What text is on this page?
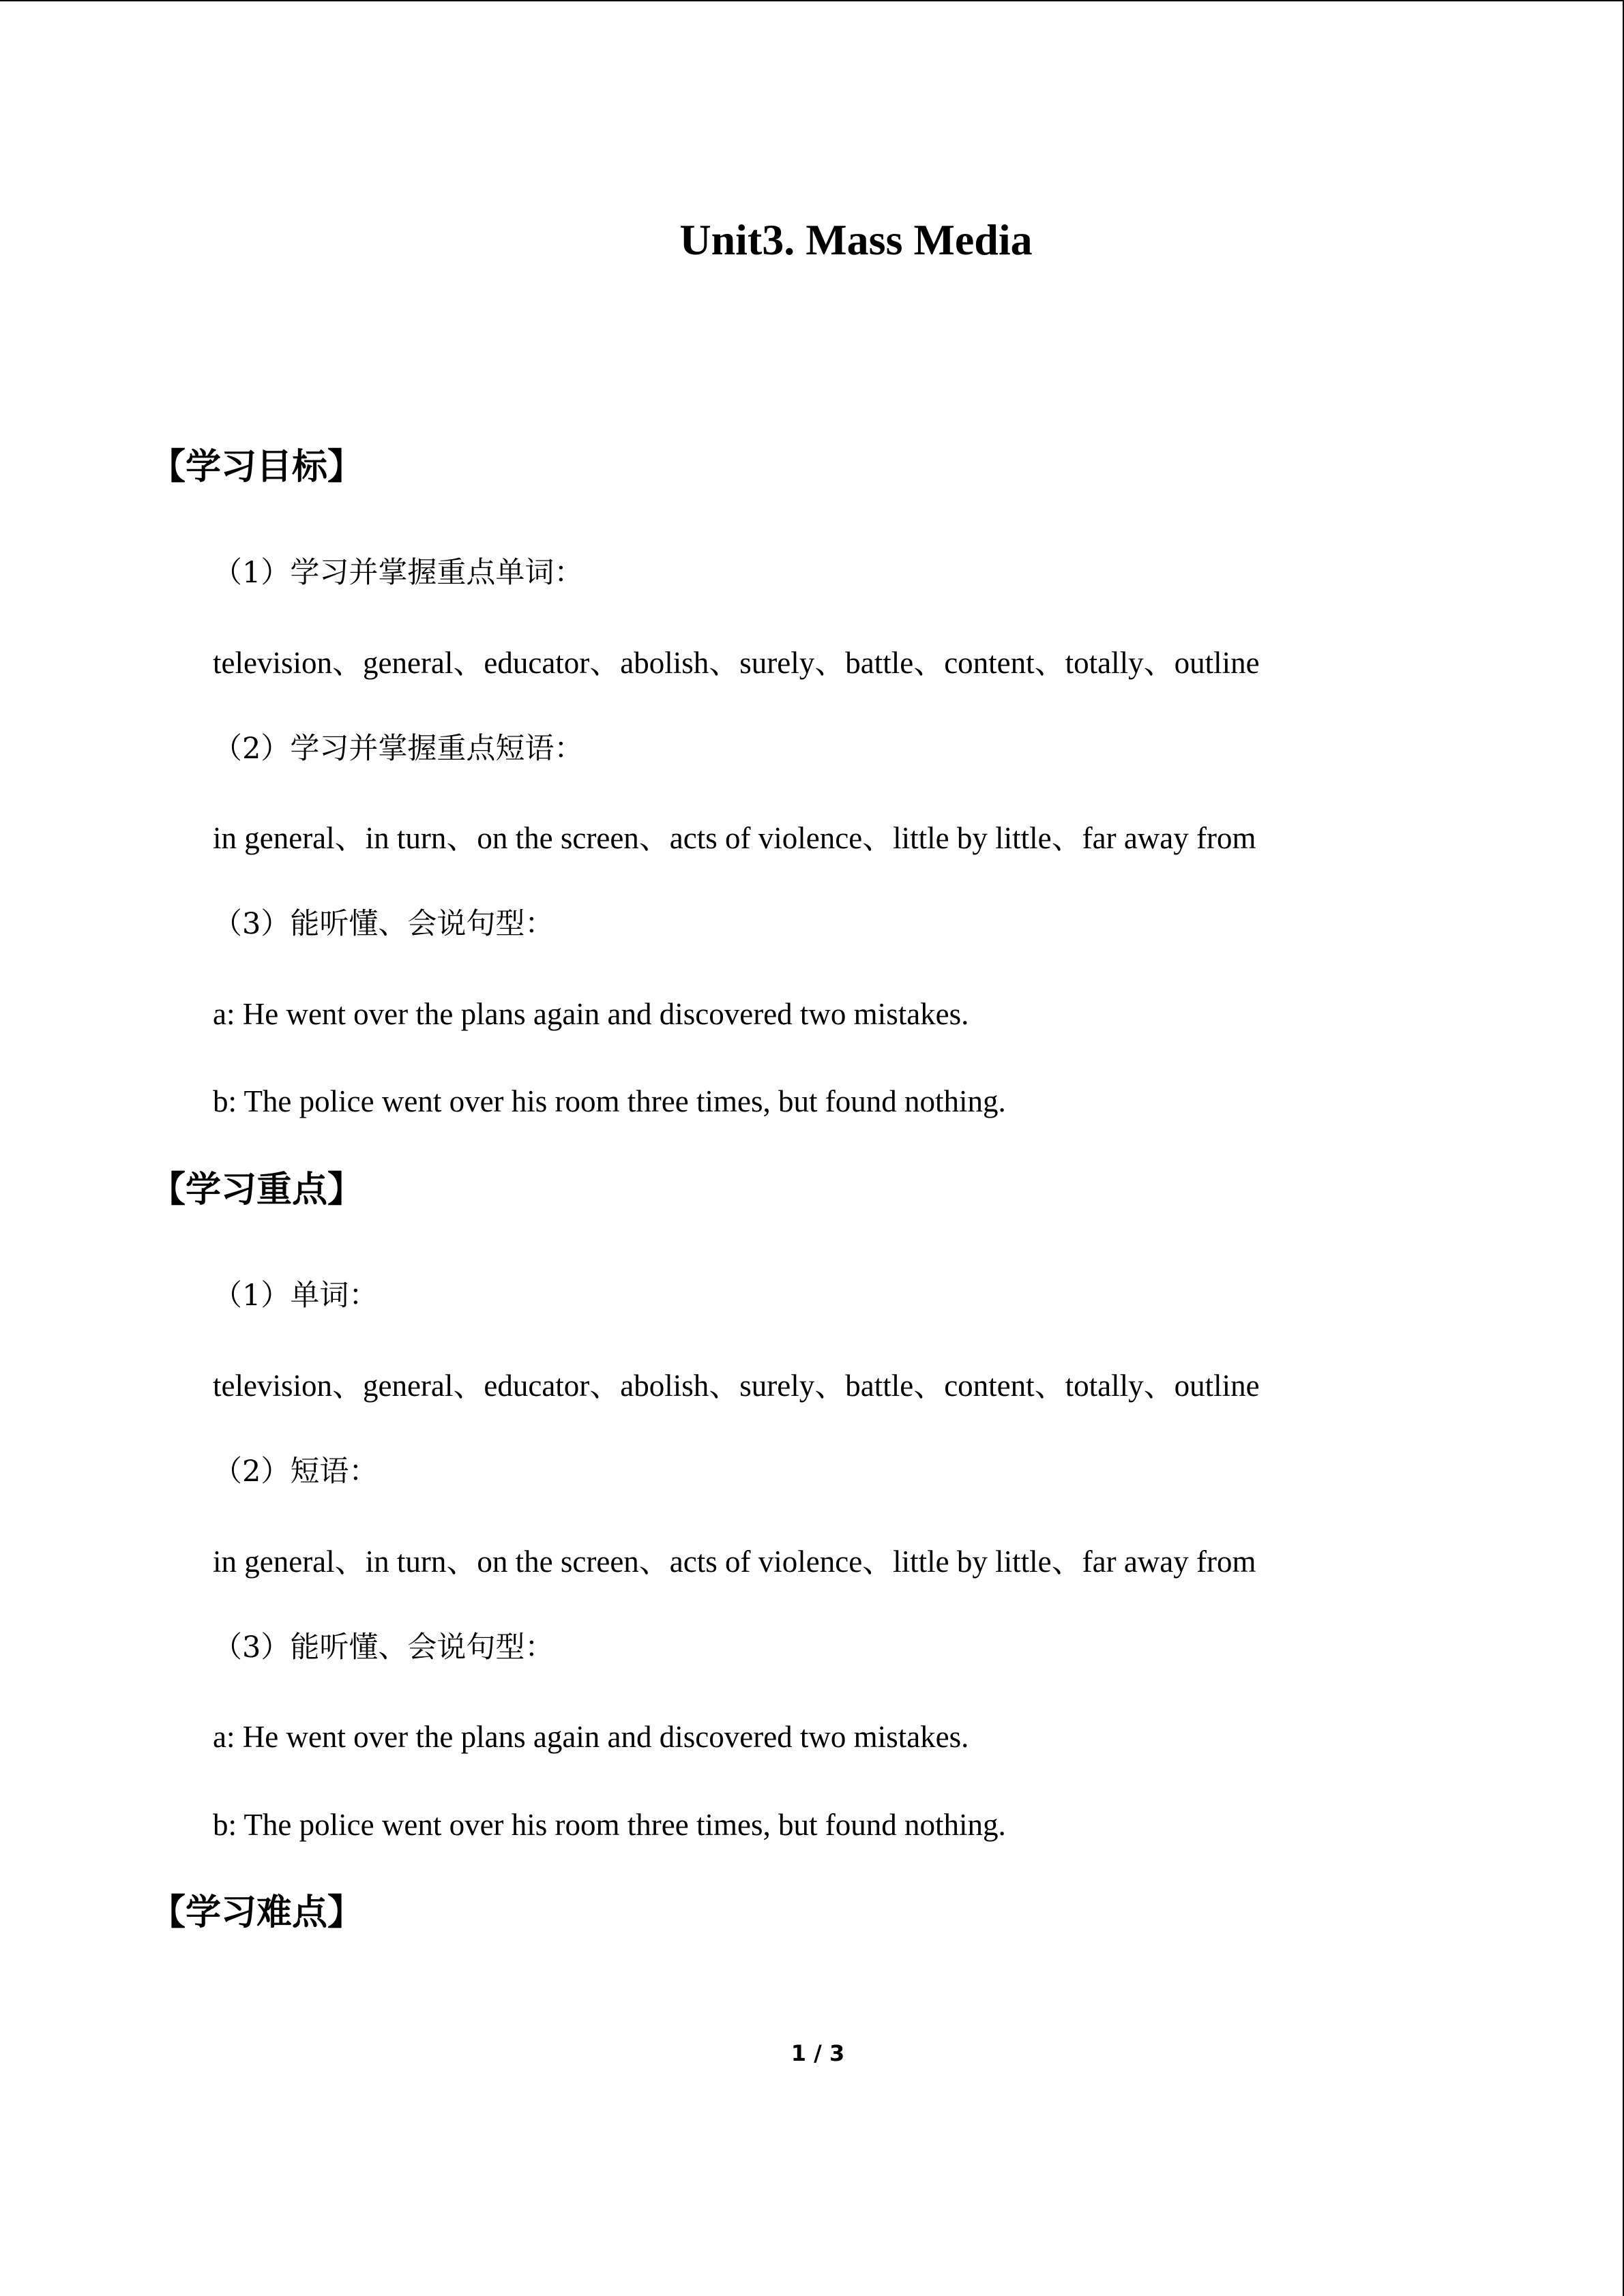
Unit3. Mass Media
【学习目标】
（1）学习并掌握重点单词：
television、general、educator、abolish、surely、battle、content、totally、outline
（2）学习并掌握重点短语：
in general、in turn、on the screen、acts of violence、little by little、far away from
（3）能听懂、会说句型：
a: He went over the plans again and discovered two mistakes.
b: The police went over his room three times, but found nothing.
【学习重点】
（1）单词：
television、general、educator、abolish、surely、battle、content、totally、outline
（2）短语：
in general、in turn、on the screen、acts of violence、little by little、far away from
（3）能听懂、会说句型：
a: He went over the plans again and discovered two mistakes.
b: The police went over his room three times, but found nothing.
【学习难点】
1 / 3
